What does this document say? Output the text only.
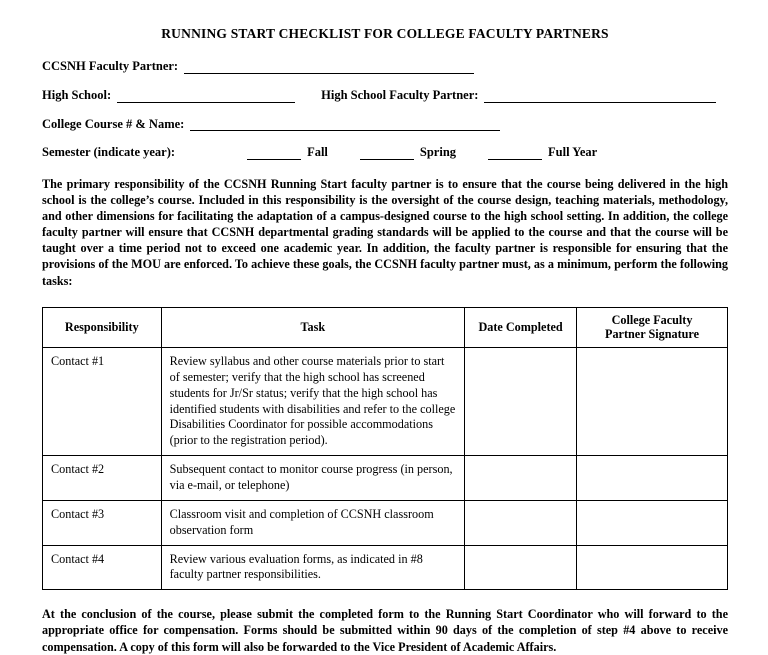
RUNNING START CHECKLIST FOR COLLEGE FACULTY PARTNERS
CCSNH Faculty Partner:
High School:	High School Faculty Partner:
College Course # & Name:
Semester (indicate year):	Fall	Spring	Full Year
The primary responsibility of the CCSNH Running Start faculty partner is to ensure that the course being delivered in the high school is the college’s course. Included in this responsibility is the oversight of the course design, teaching materials, methodology, and other dimensions for facilitating the adaptation of a campus-designed course to the high school setting. In addition, the college faculty partner will ensure that CCSNH departmental grading standards will be applied to the course and that the course will be taught over a time period not to exceed one academic year. In addition, the faculty partner is responsible for ensuring that the provisions of the MOU are enforced. To achieve these goals, the CCSNH faculty partner must, as a minimum, perform the following tasks:
Responsibility	Task	Date Completed	College Faculty
Partner Signature

Contact #1	Review syllabus and other course materials prior to start of semester; verify that the high school has screened students for Jr/Sr status; verify that the high school has identified students with disabilities and refer to the college Disabilities Coordinator for possible accommodations (prior to the registration period).		
Contact #2	Subsequent contact to monitor course progress (in person, via e-mail, or telephone)		
Contact #3	Classroom visit and completion of CCSNH classroom observation form		
Contact #4	Review various evaluation forms, as indicated in #8 faculty partner responsibilities.		
At the conclusion of the course, please submit the completed form to the Running Start Coordinator who will forward to the appropriate office for compensation. Forms should be submitted within 90 days of the completion of step #4 above to receive compensation. A copy of this form will also be forwarded to the Vice President of Academic Affairs.
